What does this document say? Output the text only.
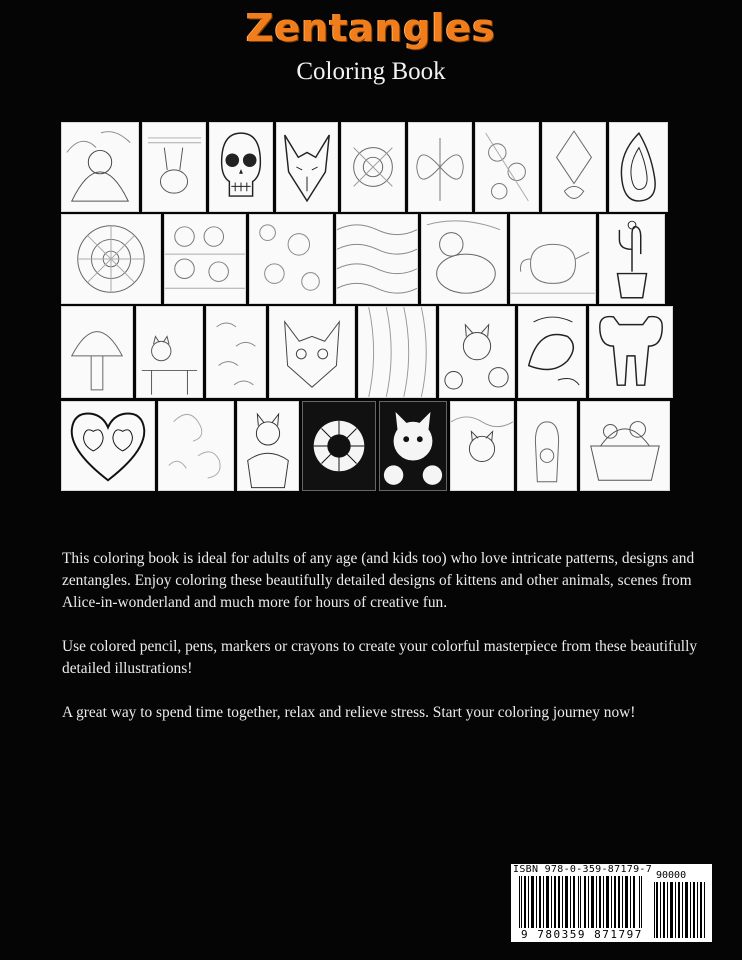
Zentangles
Coloring Book

This coloring book is ideal for adults of any age (and kids too) who love intricate patterns, designs and zentangles. Enjoy coloring these beautifully detailed designs of kittens and other animals, scenes from Alice-in-wonderland and much more for hours of creative fun.

Use colored pencil, pens, markers or crayons to create your colorful masterpiece from these beautifully detailed illustrations!

A great way to spend time together, relax and relieve stress. Start your coloring journey now!

ISBN 978-0-359-87179-7
90000
9 780359 871797
